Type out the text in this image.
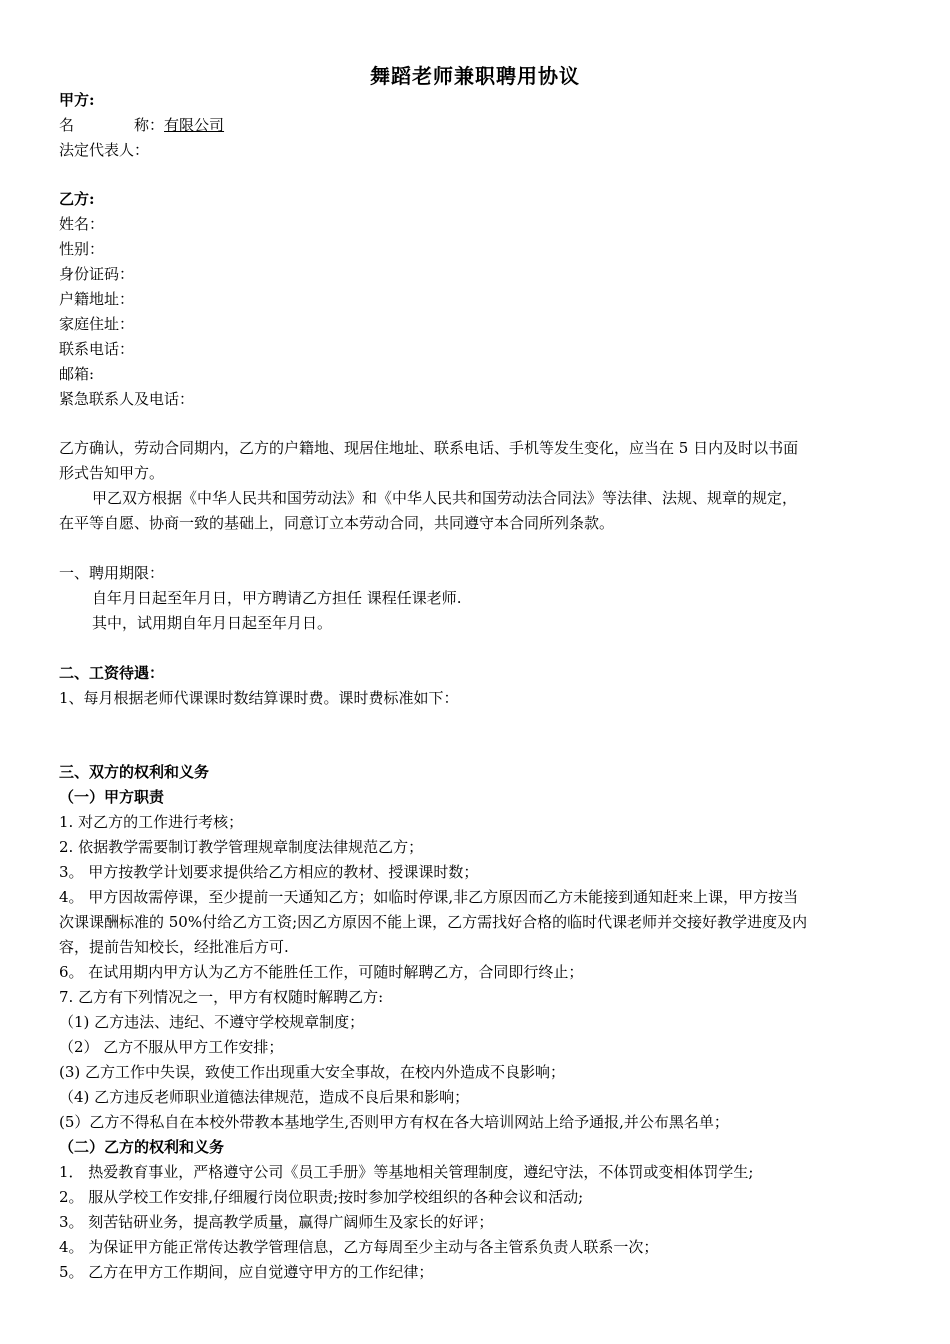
舞蹈老师兼职聘用协议
甲方:
名	称：有限公司
法定代表人：
乙方:
姓名：
性别：
身份证码：
户籍地址：
家庭住址：
联系电话：
邮箱:
紧急联系人及电话：
乙方确认，劳动合同期内，乙方的户籍地、现居住地址、联系电话、手机等发生变化，应当在 5 日内及时以书面
形式告知甲方。
甲乙双方根据《中华人民共和国劳动法》和《中华人民共和国劳动法合同法》等法律、法规、规章的规定，
在平等自愿、协商一致的基础上，同意订立本劳动合同，共同遵守本合同所列条款。
一、聘用期限：
自年月日起至年月日，甲方聘请乙方担任 课程任课老师.
其中，试用期自年月日起至年月日。
二、工资待遇：
1、每月根据老师代课课时数结算课时费。课时费标准如下：
三、双方的权利和义务
（一）甲方职责
1. 对乙方的工作进行考核；
2. 依据教学需要制订教学管理规章制度法律规范乙方；
3。 甲方按教学计划要求提供给乙方相应的教材、授课课时数；
4。 甲方因故需停课，至少提前一天通知乙方；如临时停课,非乙方原因而乙方未能接到通知赶来上课，甲方按当
次课课酬标准的 50%付给乙方工资;因乙方原因不能上课，乙方需找好合格的临时代课老师并交接好教学进度及内
容，提前告知校长，经批准后方可.
6。 在试用期内甲方认为乙方不能胜任工作，可随时解聘乙方，合同即行终止；
7. 乙方有下列情况之一，甲方有权随时解聘乙方:
（1) 乙方违法、违纪、不遵守学校规章制度；
（2） 乙方不服从甲方工作安排；
(3) 乙方工作中失误，致使工作出现重大安全事故，在校内外造成不良影响；
（4) 乙方违反老师职业道德法律规范，造成不良后果和影响；
(5）乙方不得私自在本校外带教本基地学生,否则甲方有权在各大培训网站上给予通报,并公布黑名单；
（二）乙方的权利和义务
1． 热爱教育事业，严格遵守公司《员工手册》等基地相关管理制度，遵纪守法，不体罚或变相体罚学生;
2。 服从学校工作安排,仔细履行岗位职责;按时参加学校组织的各种会议和活动;
3。 刻苦钻研业务，提高教学质量，赢得广阔师生及家长的好评；
4。 为保证甲方能正常传达教学管理信息，乙方每周至少主动与各主管系负责人联系一次；
5。 乙方在甲方工作期间，应自觉遵守甲方的工作纪律；
